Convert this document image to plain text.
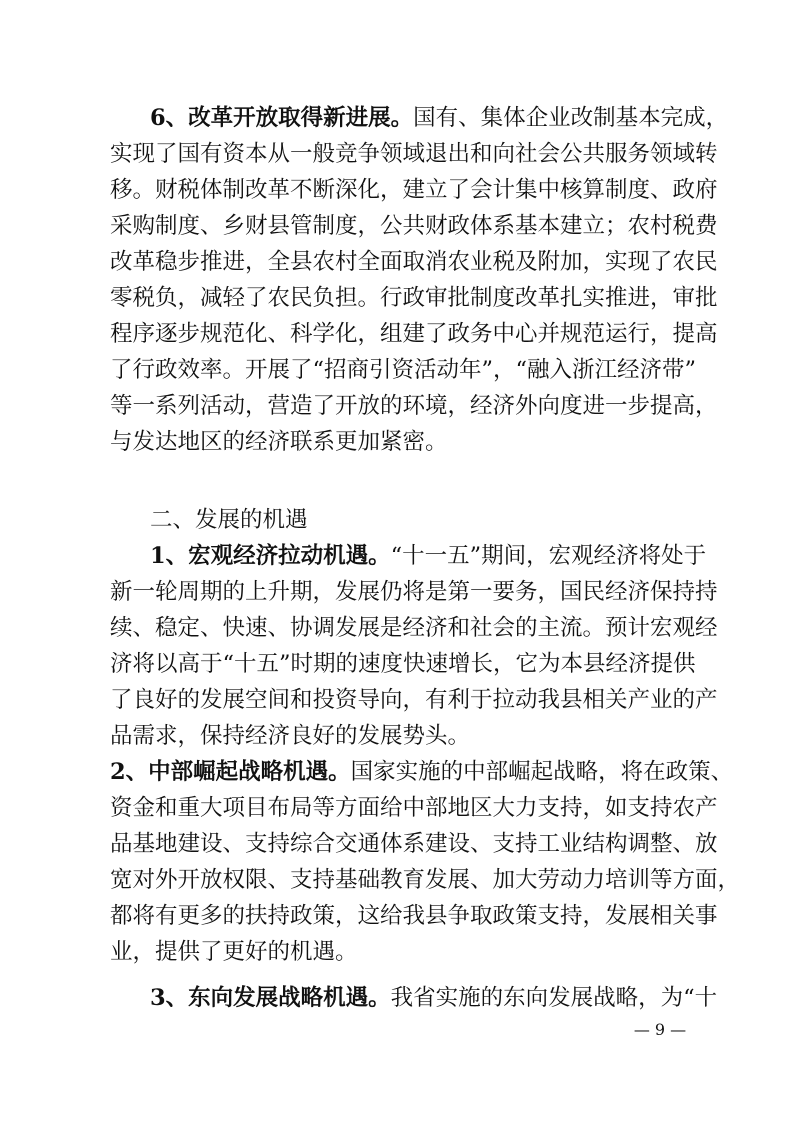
6、改革开放取得新进展。国有、集体企业改制基本完成，
实现了国有资本从一般竞争领域退出和向社会公共服务领域转
移。财税体制改革不断深化，建立了会计集中核算制度、政府
采购制度、乡财县管制度，公共财政体系基本建立；农村税费
改革稳步推进，全县农村全面取消农业税及附加，实现了农民
零税负，减轻了农民负担。行政审批制度改革扎实推进，审批
程序逐步规范化、科学化，组建了政务中心并规范运行，提高
了行政效率。开展了“招商引资活动年”，“融入浙江经济带”
等一系列活动，营造了开放的环境，经济外向度进一步提高，
与发达地区的经济联系更加紧密。
二、发展的机遇
1、宏观经济拉动机遇。“十一五”期间，宏观经济将处于
新一轮周期的上升期，发展仍将是第一要务，国民经济保持持
续、稳定、快速、协调发展是经济和社会的主流。预计宏观经
济将以高于“十五”时期的速度快速增长，它为本县经济提供
了良好的发展空间和投资导向，有利于拉动我县相关产业的产
品需求，保持经济良好的发展势头。
2、中部崛起战略机遇。国家实施的中部崛起战略，将在政策、
资金和重大项目布局等方面给中部地区大力支持，如支持农产
品基地建设、支持综合交通体系建设、支持工业结构调整、放
宽对外开放权限、支持基础教育发展、加大劳动力培训等方面，
都将有更多的扶持政策，这给我县争取政策支持，发展相关事
业，提供了更好的机遇。
3、东向发展战略机遇。我省实施的东向发展战略，为“十
— 9 —
